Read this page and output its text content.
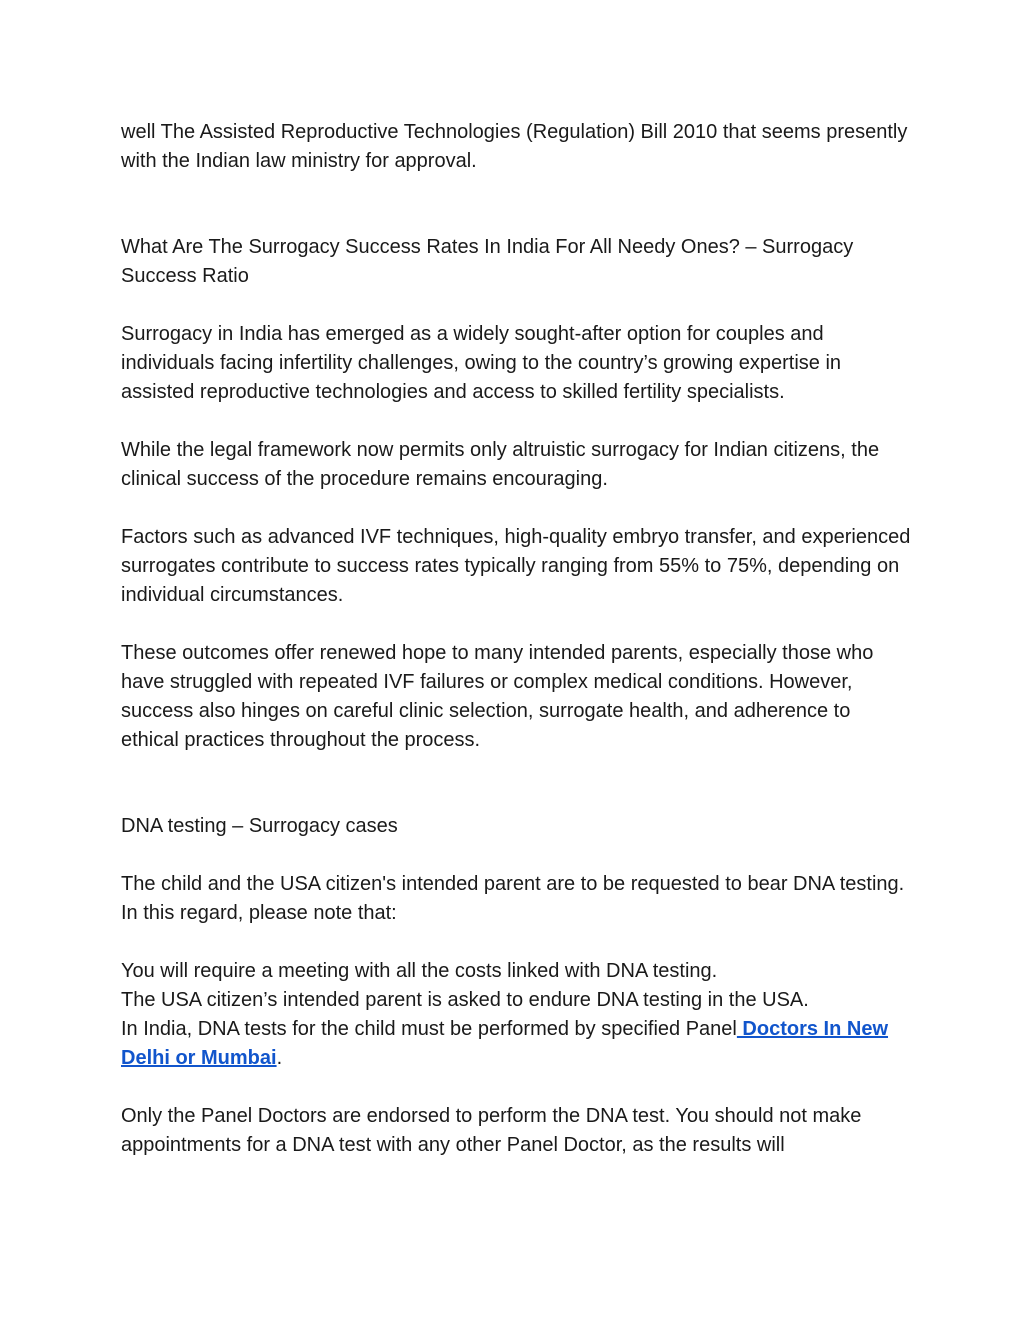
well The Assisted Reproductive Technologies (Regulation) Bill 2010 that seems presently with the Indian law ministry for approval.

What Are The Surrogacy Success Rates In India For All Needy Ones? – Surrogacy Success Ratio

Surrogacy in India has emerged as a widely sought-after option for couples and individuals facing infertility challenges, owing to the country’s growing expertise in assisted reproductive technologies and access to skilled fertility specialists.

While the legal framework now permits only altruistic surrogacy for Indian citizens, the clinical success of the procedure remains encouraging.

Factors such as advanced IVF techniques, high-quality embryo transfer, and experienced surrogates contribute to success rates typically ranging from 55% to 75%, depending on individual circumstances.

These outcomes offer renewed hope to many intended parents, especially those who have struggled with repeated IVF failures or complex medical conditions. However, success also hinges on careful clinic selection, surrogate health, and adherence to ethical practices throughout the process.

DNA testing – Surrogacy cases

The child and the USA citizen's intended parent are to be requested to bear DNA testing. In this regard, please note that:

You will require a meeting with all the costs linked with DNA testing.

The USA citizen’s intended parent is asked to endure DNA testing in the USA.

In India, DNA tests for the child must be performed by specified Panel Doctors In New Delhi or Mumbai.

Only the Panel Doctors are endorsed to perform the DNA test. You should not make appointments for a DNA test with any other Panel Doctor, as the results will
